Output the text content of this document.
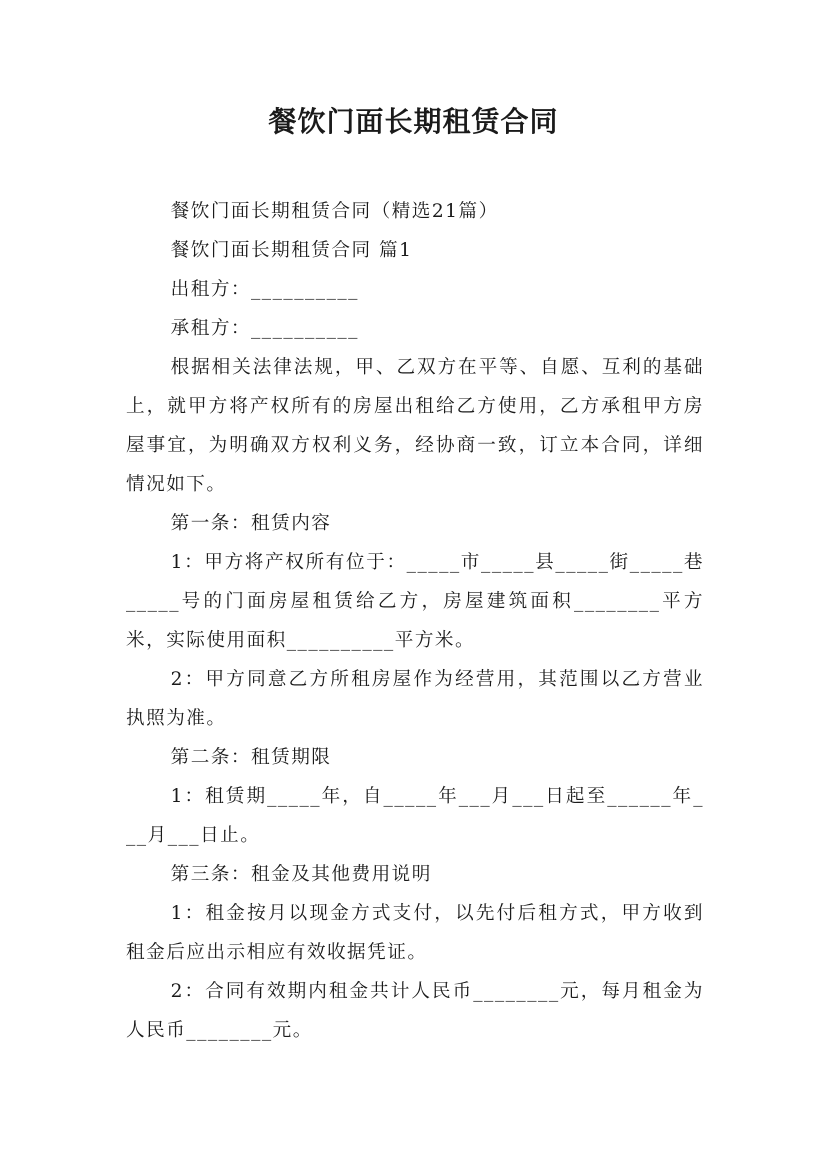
餐饮门面长期租赁合同

餐饮门面长期租赁合同（精选21篇）

餐饮门面长期租赁合同 篇1

出租方：__________

承租方：__________

根据相关法律法规，甲、乙双方在平等、自愿、互利的基础上，就甲方将产权所有的房屋出租给乙方使用，乙方承租甲方房屋事宜，为明确双方权利义务，经协商一致，订立本合同，详细情况如下。

第一条：租赁内容

1：甲方将产权所有位于：_____市_____县_____街_____巷_____号的门面房屋租赁给乙方，房屋建筑面积________平方米，实际使用面积__________平方米。

2：甲方同意乙方所租房屋作为经营用，其范围以乙方营业执照为准。

第二条：租赁期限

1：租赁期_____年，自_____年___月___日起至______年___月___日止。

第三条：租金及其他费用说明

1：租金按月以现金方式支付，以先付后租方式，甲方收到租金后应出示相应有效收据凭证。

2：合同有效期内租金共计人民币________元，每月租金为人民币________元。
